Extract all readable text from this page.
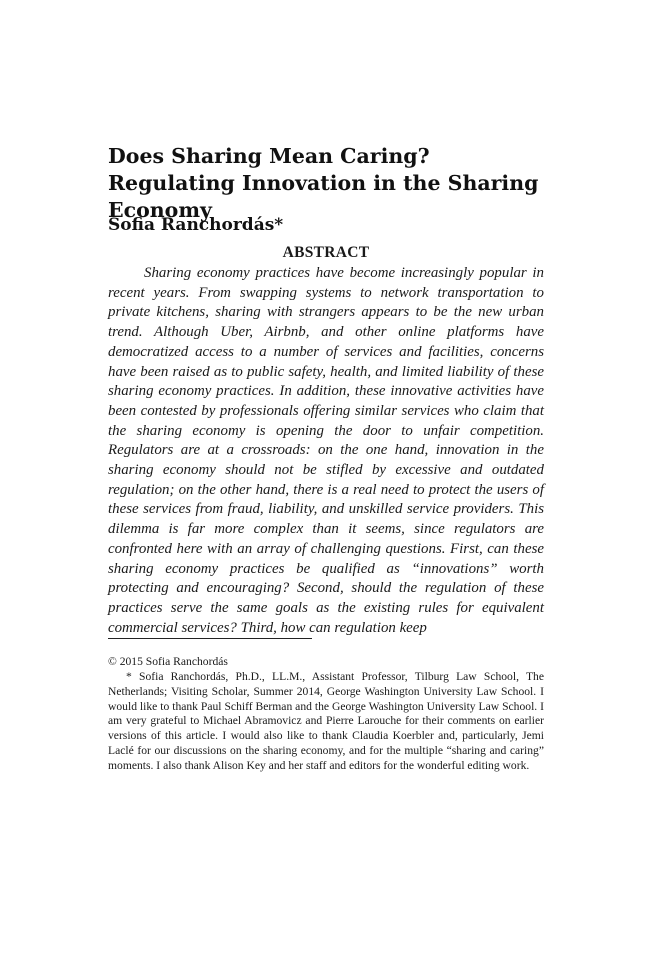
Does Sharing Mean Caring? Regulating Innovation in the Sharing Economy
Sofia Ranchordás*
ABSTRACT

Sharing economy practices have become increasingly popular in recent years. From swapping systems to network transportation to private kitchens, sharing with strangers appears to be the new urban trend. Although Uber, Airbnb, and other online platforms have democratized access to a number of services and facilities, concerns have been raised as to public safety, health, and limited liability of these sharing economy practices. In addition, these innovative activities have been contested by professionals offering similar services who claim that the sharing economy is opening the door to unfair competition. Regulators are at a crossroads: on the one hand, innovation in the sharing economy should not be stifled by excessive and outdated regulation; on the other hand, there is a real need to protect the users of these services from fraud, liability, and unskilled service providers. This dilemma is far more complex than it seems, since regulators are confronted here with an array of challenging questions. First, can these sharing economy practices be qualified as “innovations” worth protecting and encouraging? Second, should the regulation of these practices serve the same goals as the existing rules for equivalent commercial services? Third, how can regulation keep

© 2015 Sofia Ranchordás

* Sofia Ranchordás, Ph.D., LL.M., Assistant Professor, Tilburg Law School, The Netherlands; Visiting Scholar, Summer 2014, George Washington University Law School. I would like to thank Paul Schiff Berman and the George Washington University Law School. I am very grateful to Michael Abramovicz and Pierre Larouche for their comments on earlier versions of this article. I would also like to thank Claudia Koerbler and, particularly, Jemi Laclé for our discussions on the sharing economy, and for the multiple “sharing and caring” moments. I also thank Alison Key and her staff and editors for the wonderful editing work.
